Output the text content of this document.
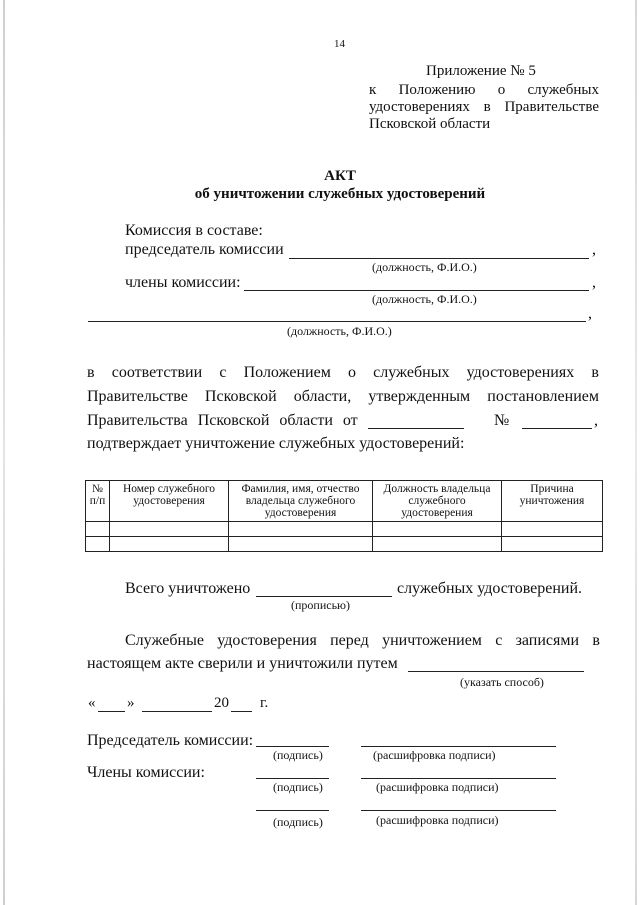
14
Приложение № 5
к Положению о служебных
удостоверениях в Правительстве
Псковской области
АКТ
об уничтожении служебных удостоверений
Комиссия в составе:
председатель комиссии	,
(должность, Ф.И.О.)
члены комиссии:	,
(должность, Ф.И.О.)
,
(должность, Ф.И.О.)
в соответствии с Положением о служебных удостоверениях в
Правительстве Псковской области, утвержденным постановлением
Правительства Псковской области от	№	,
подтверждает уничтожение служебных удостоверений:
№ п/п	Номер служебного удостоверения	Фамилия, имя, отчество владельца служебного удостоверения	Должность владельца служебного удостоверения	Причина уничтожения

Всего уничтожено	служебных удостоверений.
(прописью)
Служебные удостоверения перед уничтожением с записями в
настоящем акте сверили и уничтожили путем
(указать способ)
« »	20 г.
Председатель комиссии:
(подпись)	(расшифровка подписи)
Члены комиссии:
(подпись)	(расшифровка подписи)
(подпись)	(расшифровка подписи)
